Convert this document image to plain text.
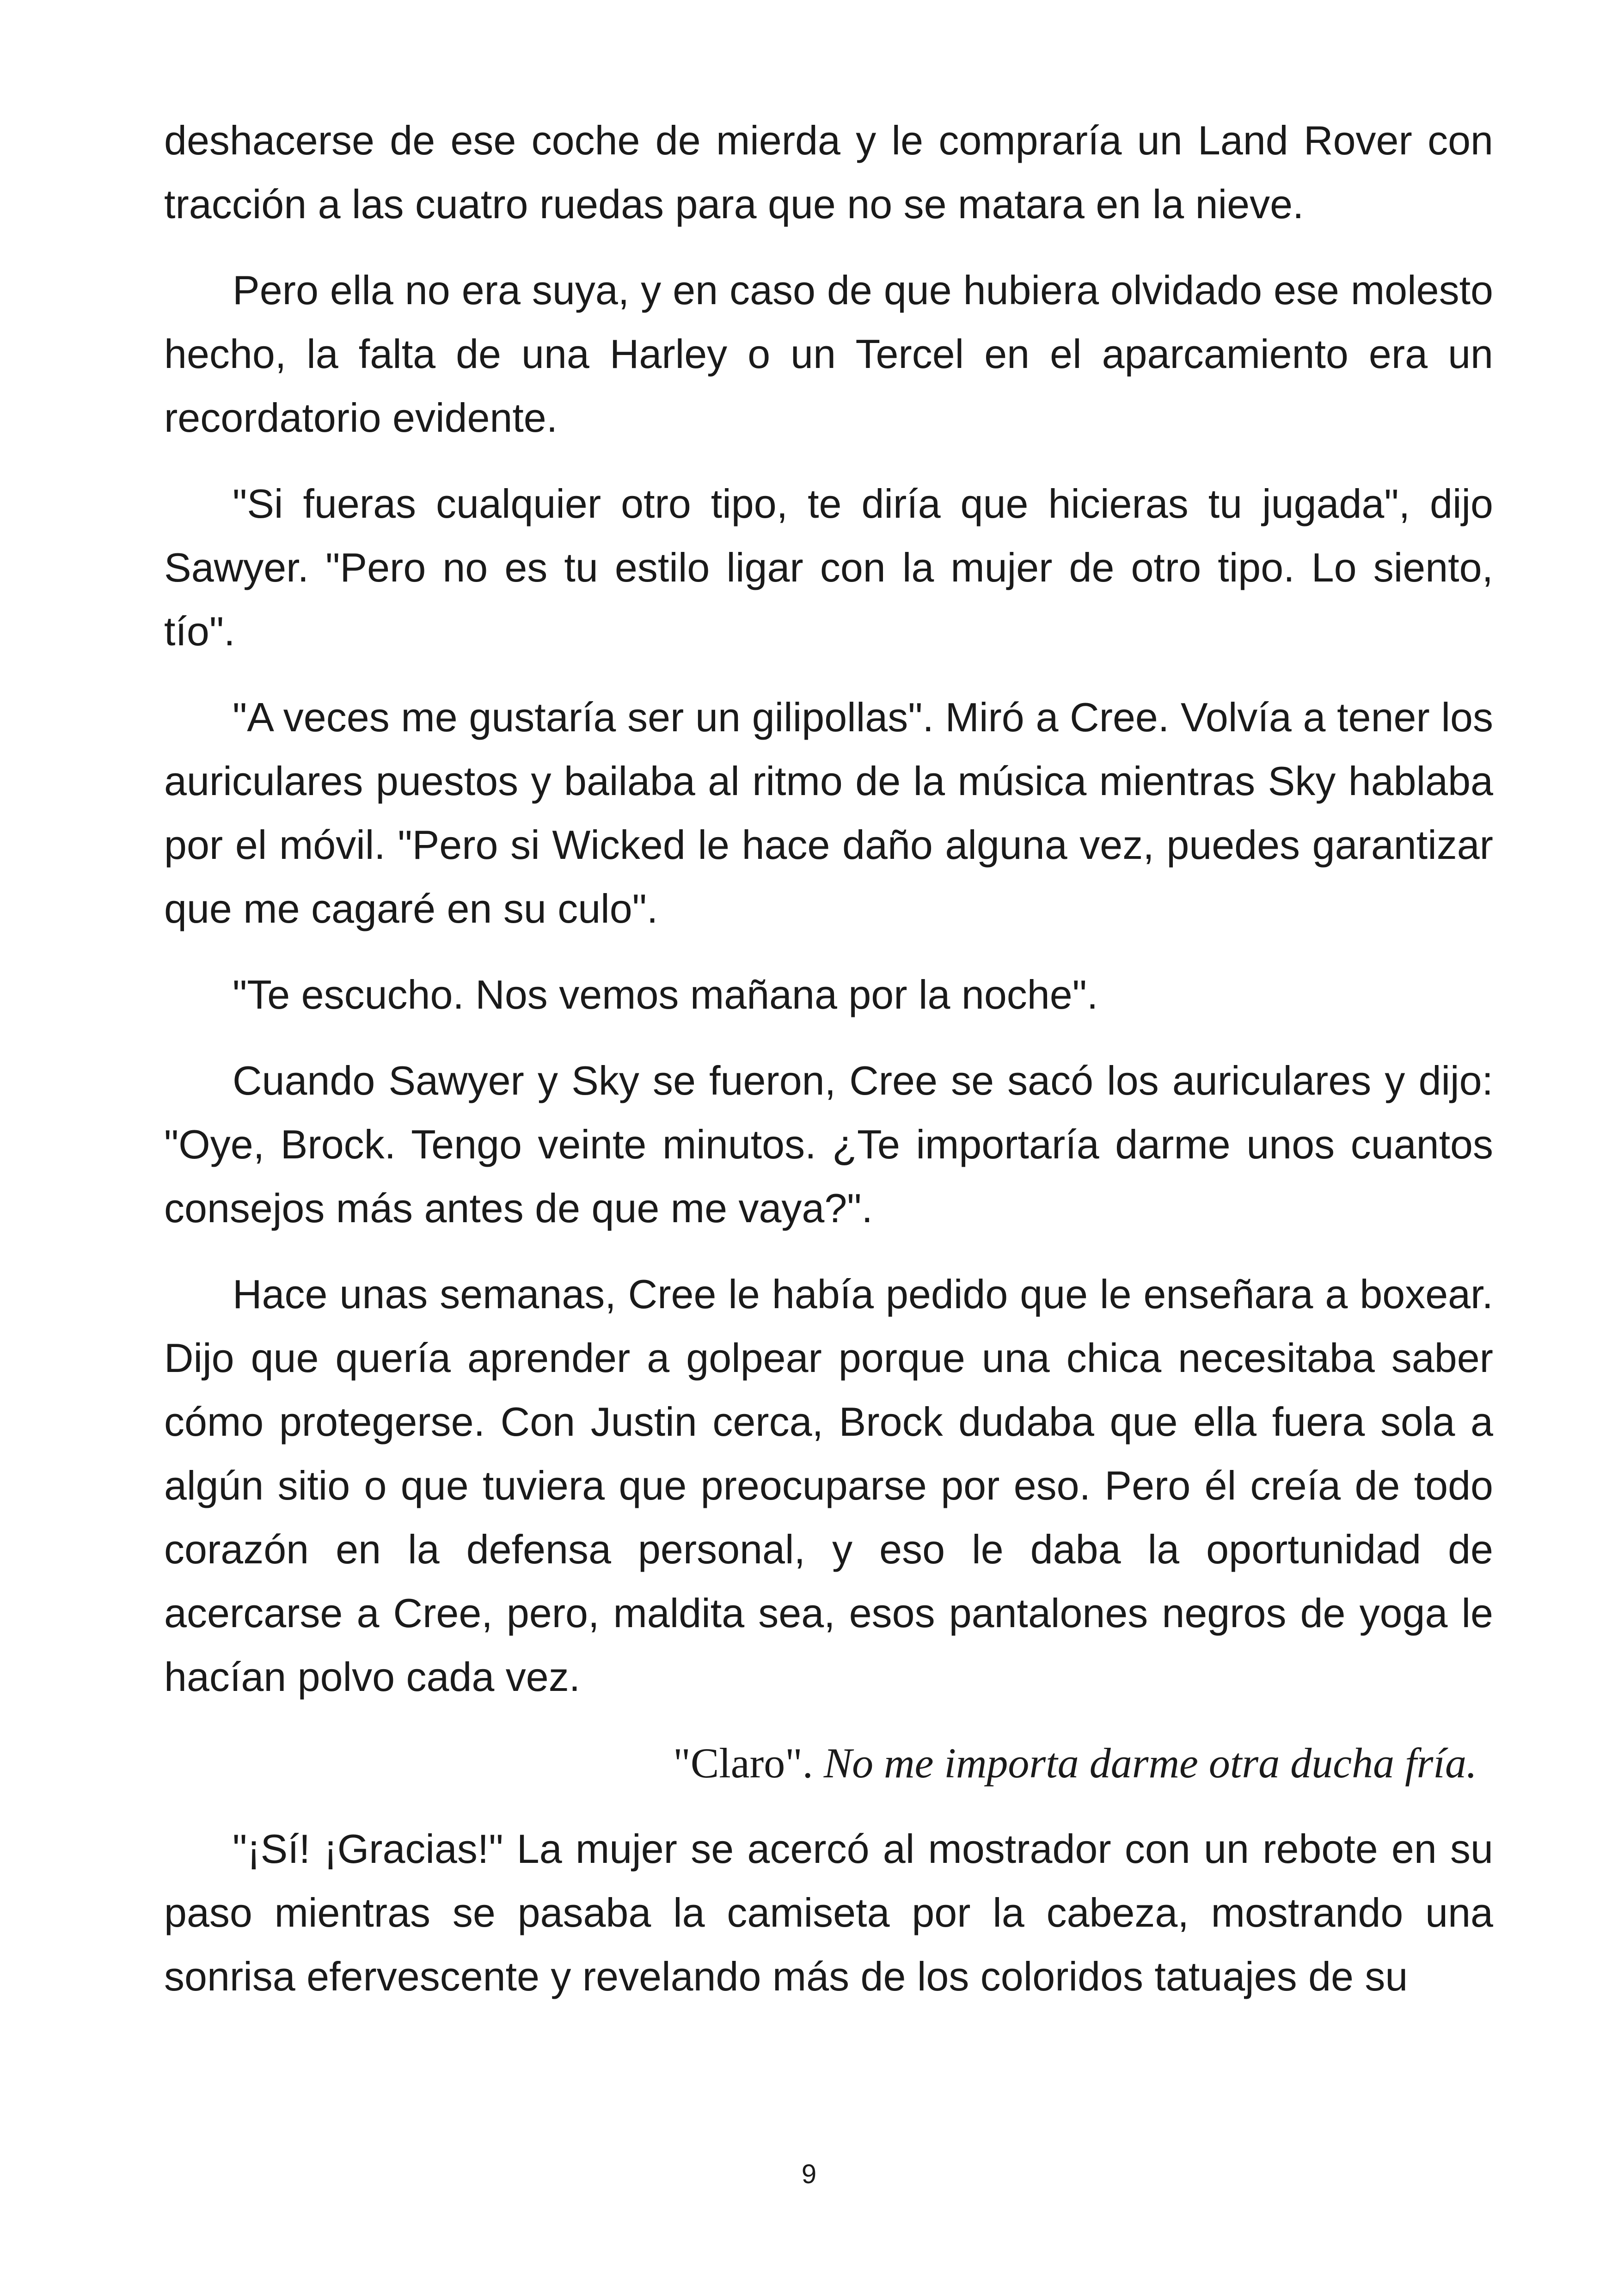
deshacerse de ese coche de mierda y le compraría un Land Rover con tracción a las cuatro ruedas para que no se matara en la nieve.

Pero ella no era suya, y en caso de que hubiera olvidado ese molesto hecho, la falta de una Harley o un Tercel en el aparcamiento era un recordatorio evidente.

"Si fueras cualquier otro tipo, te diría que hicieras tu jugada", dijo Sawyer. "Pero no es tu estilo ligar con la mujer de otro tipo. Lo siento, tío".

"A veces me gustaría ser un gilipollas". Miró a Cree. Volvía a tener los auriculares puestos y bailaba al ritmo de la música mientras Sky hablaba por el móvil. "Pero si Wicked le hace daño alguna vez, puedes garantizar que me cagaré en su culo".

"Te escucho. Nos vemos mañana por la noche".

Cuando Sawyer y Sky se fueron, Cree se sacó los auriculares y dijo: "Oye, Brock. Tengo veinte minutos. ¿Te importaría darme unos cuantos consejos más antes de que me vaya?".

Hace unas semanas, Cree le había pedido que le enseñara a boxear. Dijo que quería aprender a golpear porque una chica necesitaba saber cómo protegerse. Con Justin cerca, Brock dudaba que ella fuera sola a algún sitio o que tuviera que preocuparse por eso. Pero él creía de todo corazón en la defensa personal, y eso le daba la oportunidad de acercarse a Cree, pero, maldita sea, esos pantalones negros de yoga le hacían polvo cada vez.

"Claro". No me importa darme otra ducha fría.

"¡Sí! ¡Gracias!" La mujer se acercó al mostrador con un rebote en su paso mientras se pasaba la camiseta por la cabeza, mostrando una sonrisa efervescente y revelando más de los coloridos tatuajes de su

9
